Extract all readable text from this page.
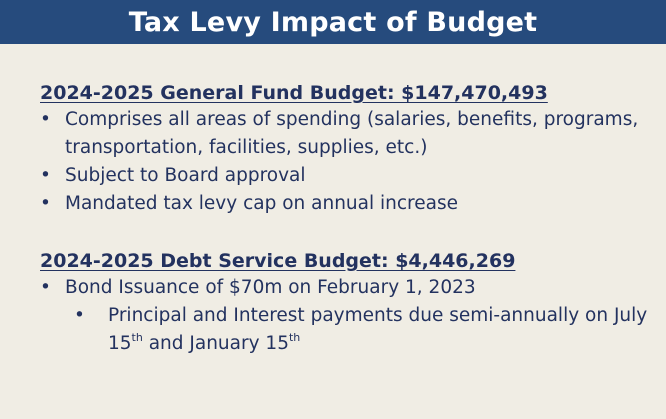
Tax Levy Impact of Budget
2024-2025 General Fund Budget: $147,470,493
• Comprises all areas of spending (salaries, benefits, programs, transportation, facilities, supplies, etc.)
• Subject to Board approval
• Mandated tax levy cap on annual increase
2024-2025 Debt Service Budget: $4,446,269
• Bond Issuance of $70m on February 1, 2023
• Principal and Interest payments due semi-annually on July 15th and January 15th
